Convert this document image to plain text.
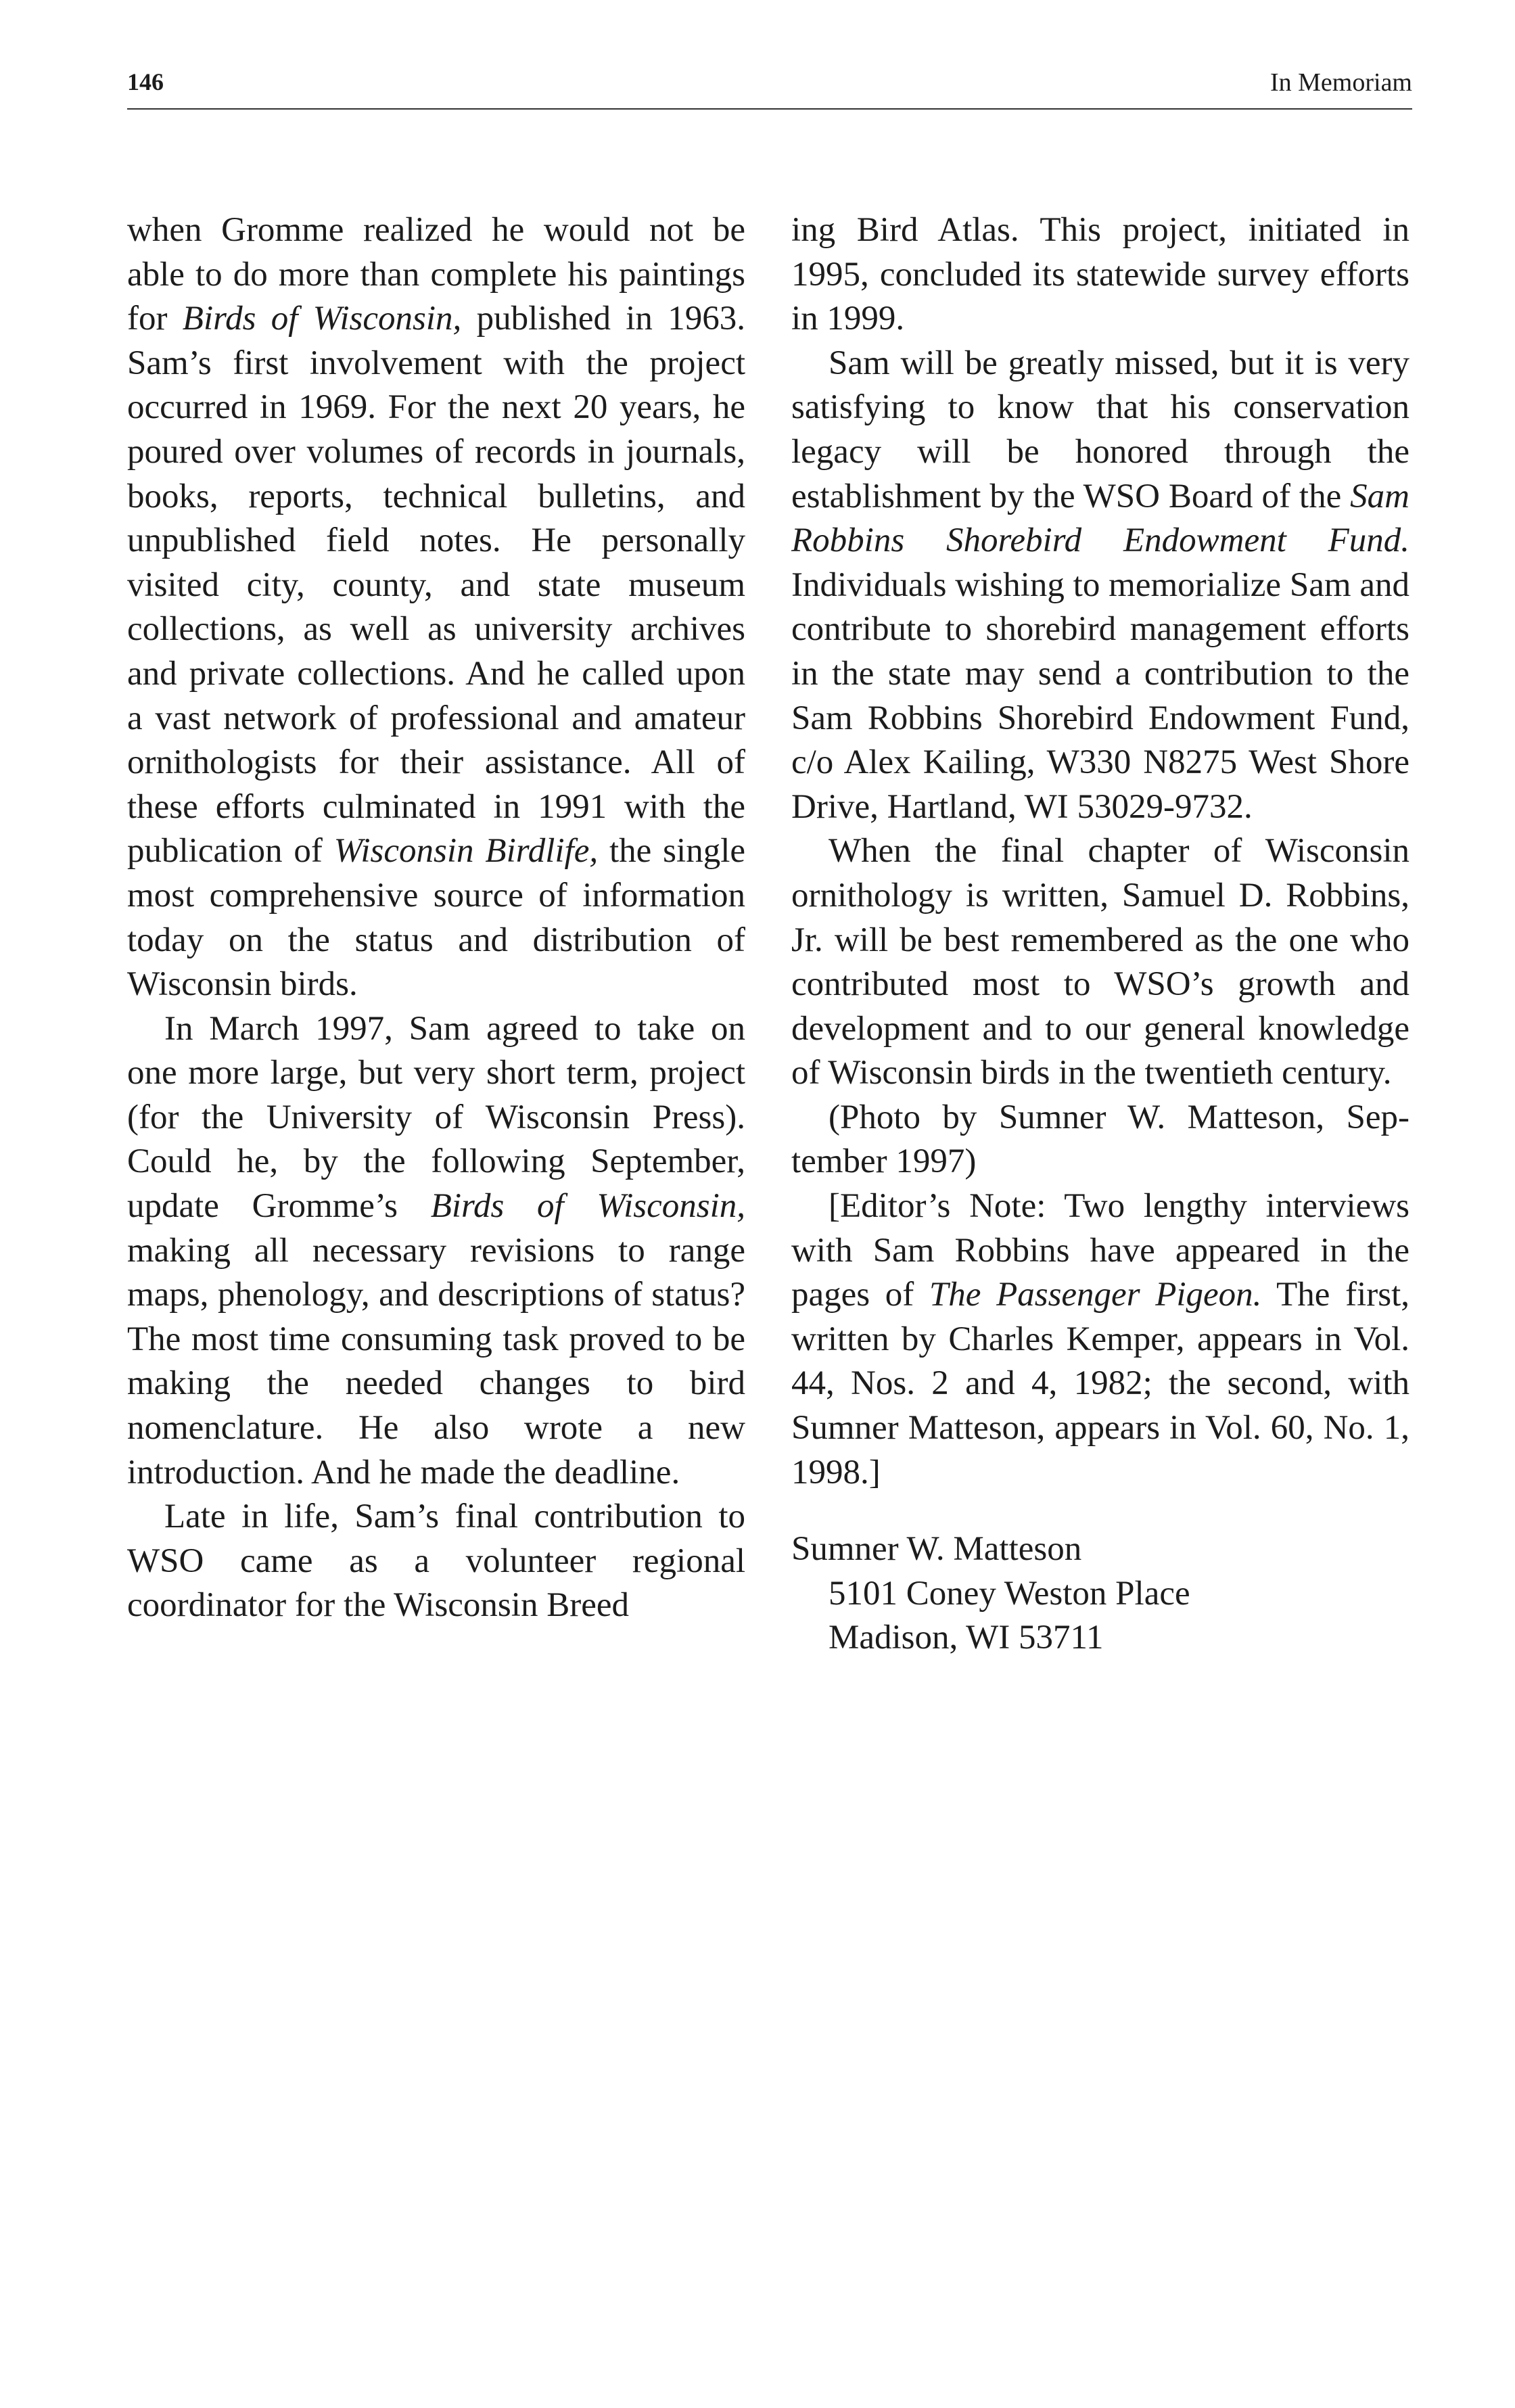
146	In Memoriam

when Gromme realized he would not be able to do more than complete his paintings for Birds of Wisconsin, published in 1963. Sam’s first involvement with the project occurred in 1969. For the next 20 years, he poured over volumes of records in journals, books, reports, technical bulletins, and unpublished field notes. He personally visited city, county, and state museum collections, as well as university archives and private collections. And he called upon a vast network of professional and amateur ornithologists for their assistance. All of these efforts culminated in 1991 with the publication of Wisconsin Birdlife, the single most comprehensive source of information today on the status and distribution of Wisconsin birds.

In March 1997, Sam agreed to take on one more large, but very short term, project (for the University of Wisconsin Press). Could he, by the following September, update Gromme’s Birds of Wisconsin, making all necessary revisions to range maps, phenology, and descriptions of status? The most time consuming task proved to be making the needed changes to bird nomenclature. He also wrote a new introduction. And he made the deadline.

Late in life, Sam’s final contribution to WSO came as a volunteer regional coordinator for the Wisconsin Breed

ing Bird Atlas. This project, initiated in 1995, concluded its statewide survey efforts in 1999.

Sam will be greatly missed, but it is very satisfying to know that his conservation legacy will be honored through the establishment by the WSO Board of the Sam Robbins Shorebird Endowment Fund. Individuals wishing to memorialize Sam and contribute to shorebird management efforts in the state may send a contribution to the Sam Robbins Shorebird Endowment Fund, c/o Alex Kailing, W330 N8275 West Shore Drive, Hartland, WI 53029-9732.

When the final chapter of Wisconsin ornithology is written, Samuel D. Robbins, Jr. will be best remembered as the one who contributed most to WSO’s growth and development and to our general knowledge of Wisconsin birds in the twentieth century.

(Photo by Sumner W. Matteson, September 1997)

[Editor’s Note: Two lengthy interviews with Sam Robbins have appeared in the pages of The Passenger Pigeon. The first, written by Charles Kemper, appears in Vol. 44, Nos. 2 and 4, 1982; the second, with Sumner Matteson, appears in Vol. 60, No. 1, 1998.]

Sumner W. Matteson
5101 Coney Weston Place
Madison, WI 53711
